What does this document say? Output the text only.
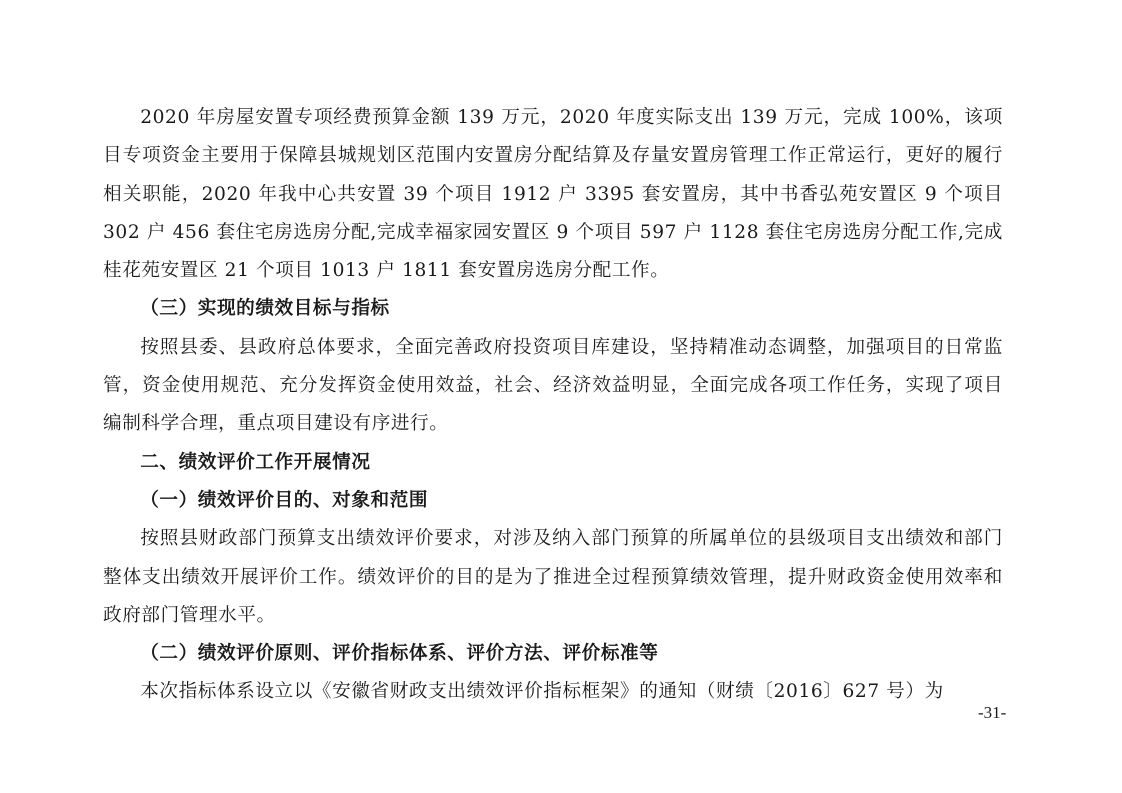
2020 年房屋安置专项经费预算金额 139 万元，2020 年度实际支出 139 万元，完成 100%，该项目专项资金主要用于保障县城规划区范围内安置房分配结算及存量安置房管理工作正常运行，更好的履行相关职能，2020 年我中心共安置 39 个项目 1912 户 3395 套安置房，其中书香弘苑安置区 9 个项目 302 户 456 套住宅房选房分配,完成幸福家园安置区 9 个项目 597 户 1128 套住宅房选房分配工作,完成桂花苑安置区 21 个项目 1013 户 1811 套安置房选房分配工作。

（三）实现的绩效目标与指标

按照县委、县政府总体要求，全面完善政府投资项目库建设，坚持精准动态调整，加强项目的日常监管，资金使用规范、充分发挥资金使用效益，社会、经济效益明显，全面完成各项工作任务，实现了项目编制科学合理，重点项目建设有序进行。

二、绩效评价工作开展情况

（一）绩效评价目的、对象和范围

按照县财政部门预算支出绩效评价要求，对涉及纳入部门预算的所属单位的县级项目支出绩效和部门整体支出绩效开展评价工作。绩效评价的目的是为了推进全过程预算绩效管理，提升财政资金使用效率和政府部门管理水平。

（二）绩效评价原则、评价指标体系、评价方法、评价标准等

本次指标体系设立以《安徽省财政支出绩效评价指标框架》的通知（财绩〔2016〕627 号）为

-31-
